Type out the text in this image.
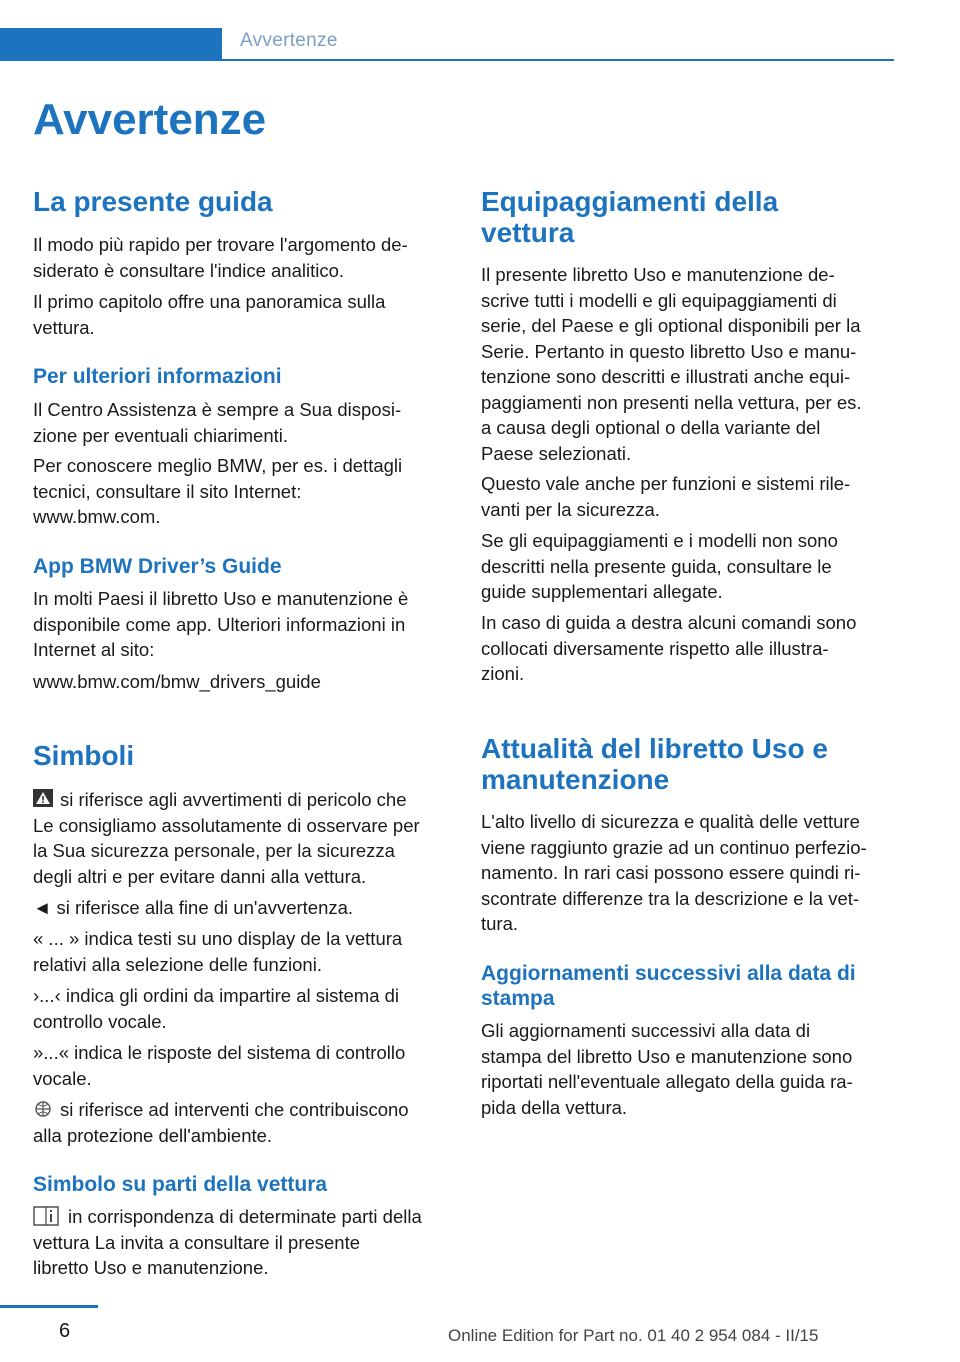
Avvertenze
Avvertenze
La presente guida

Il modo più rapido per trovare l'argomento de-
siderato è consultare l'indice analitico.

Il primo capitolo offre una panoramica sulla
vettura.

Per ulteriori informazioni

Il Centro Assistenza è sempre a Sua disposi-
zione per eventuali chiarimenti.

Per conoscere meglio BMW, per es. i dettagli
tecnici, consultare il sito Internet:
www.bmw.com.

App BMW Driver’s Guide

In molti Paesi il libretto Uso e manutenzione è
disponibile come app. Ulteriori informazioni in
Internet al sito:

www.bmw.com/bmw_drivers_guide

Simboli

si riferisce agli avvertimenti di pericolo che
Le consigliamo assolutamente di osservare per
la Sua sicurezza personale, per la sicurezza
degli altri e per evitare danni alla vettura.

◄ si riferisce alla fine di un'avvertenza.

« ... » indica testi su uno display de la vettura
relativi alla selezione delle funzioni.

›...‹ indica gli ordini da impartire al sistema di
controllo vocale.

»...« indica le risposte del sistema di controllo
vocale.

si riferisce ad interventi che contribuiscono
alla protezione dell'ambiente.

Simbolo su parti della vettura

in corrispondenza di determinate parti della
vettura La invita a consultare il presente
libretto Uso e manutenzione.

Equipaggiamenti della
vettura

Il presente libretto Uso e manutenzione de-
scrive tutti i modelli e gli equipaggiamenti di
serie, del Paese e gli optional disponibili per la
Serie. Pertanto in questo libretto Uso e manu-
tenzione sono descritti e illustrati anche equi-
paggiamenti non presenti nella vettura, per es.
a causa degli optional o della variante del
Paese selezionati.

Questo vale anche per funzioni e sistemi rile-
vanti per la sicurezza.

Se gli equipaggiamenti e i modelli non sono
descritti nella presente guida, consultare le
guide supplementari allegate.

In caso di guida a destra alcuni comandi sono
collocati diversamente rispetto alle illustra-
zioni.

Attualità del libretto Uso e
manutenzione

L'alto livello di sicurezza e qualità delle vetture
viene raggiunto grazie ad un continuo perfezio-
namento. In rari casi possono essere quindi ri-
scontrate differenze tra la descrizione e la vet-
tura.

Aggiornamenti successivi alla data di
stampa

Gli aggiornamenti successivi alla data di
stampa del libretto Uso e manutenzione sono
riportati nell'eventuale allegato della guida ra-
pida della vettura.

6	Online Edition for Part no. 01 40 2 954 084 - II/15
